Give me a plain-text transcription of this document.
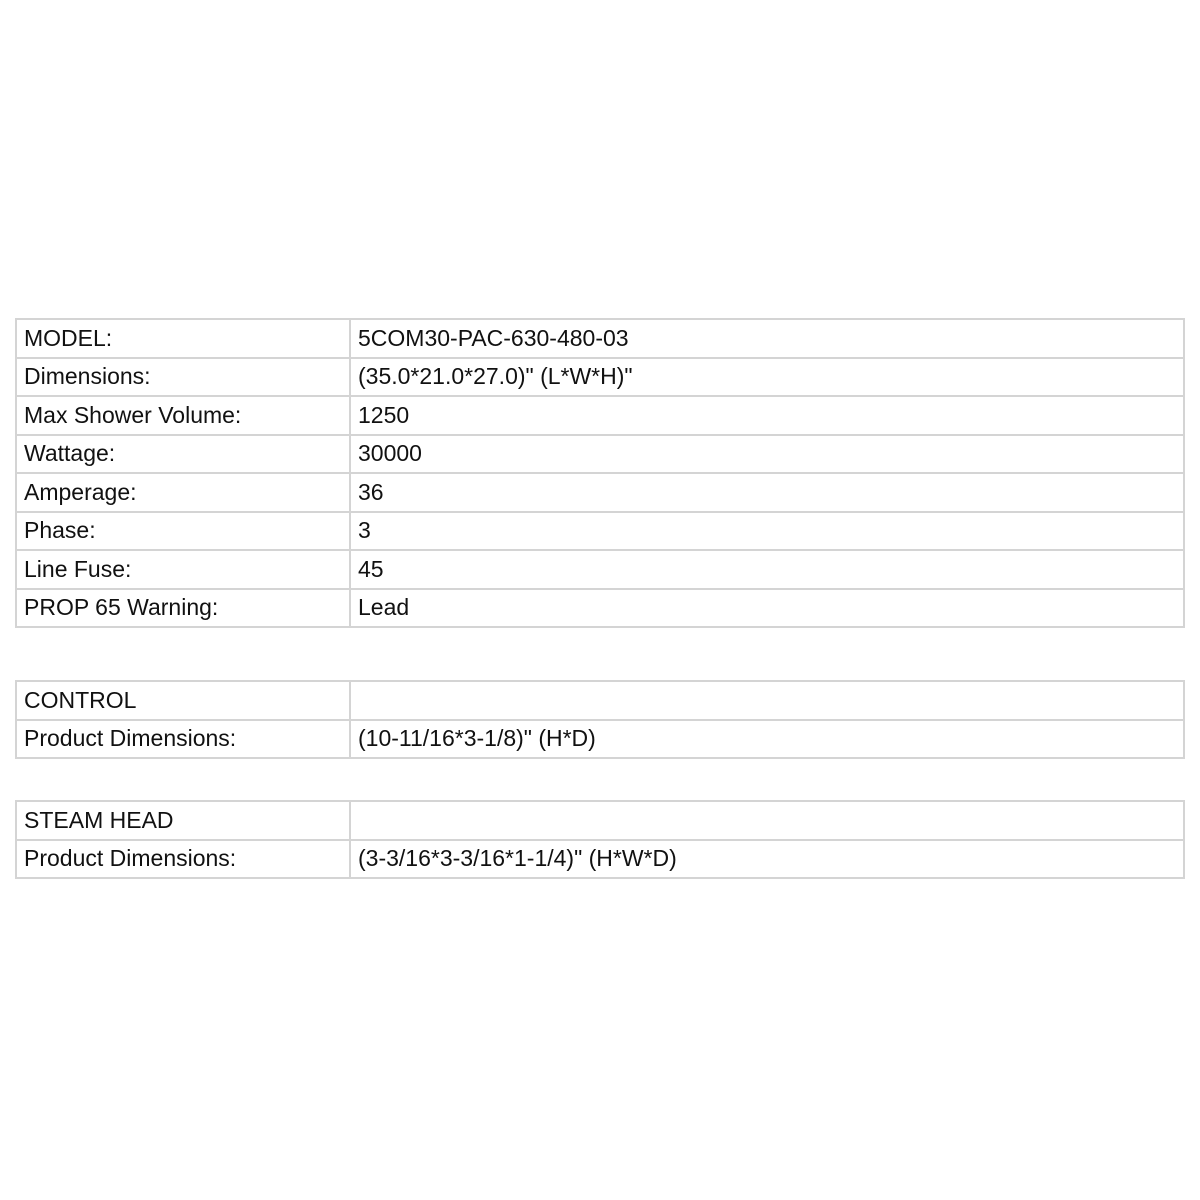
MODEL:	5COM30-PAC-630-480-03
Dimensions:	(35.0*21.0*27.0)" (L*W*H)"
Max Shower Volume:	1250
Wattage:	30000
Amperage:	36
Phase:	3
Line Fuse:	45
PROP 65 Warning:	Lead
CONTROL	
Product Dimensions:	(10-11/16*3-1/8)" (H*D)
STEAM HEAD	
Product Dimensions:	(3-3/16*3-3/16*1-1/4)" (H*W*D)
